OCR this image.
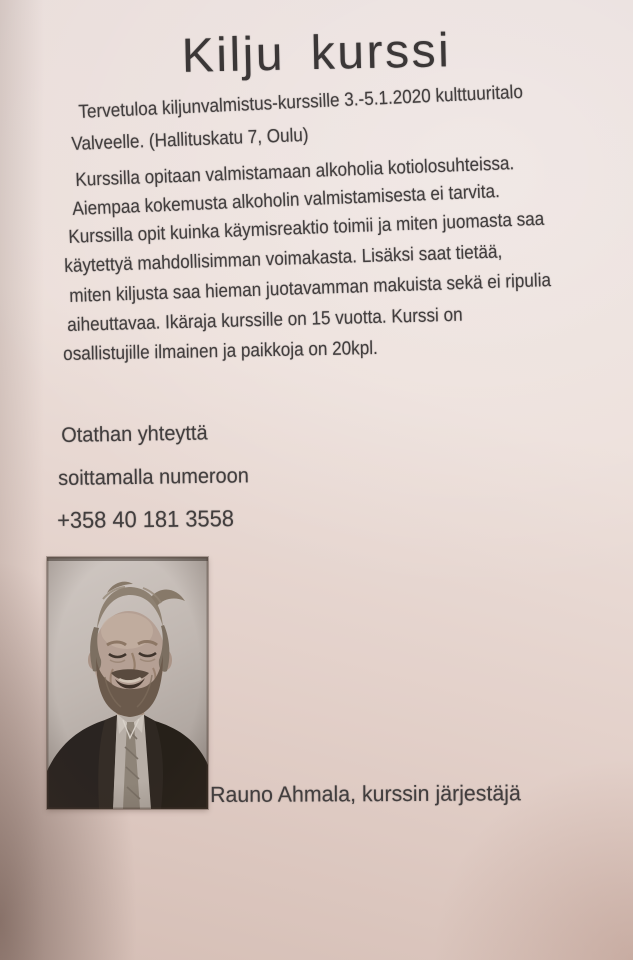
Kilju kurssi
Tervetuloa kiljunvalmistus-kurssille 3.-5.1.2020 kulttuuritalo
Valveelle. (Hallituskatu 7, Oulu)
Kurssilla opitaan valmistamaan alkoholia kotiolosuhteissa.
Aiempaa kokemusta alkoholin valmistamisesta ei tarvita.
Kurssilla opit kuinka käymisreaktio toimii ja miten juomasta saa
käytettyä mahdollisimman voimakasta. Lisäksi saat tietää,
miten kiljusta saa hieman juotavamman makuista sekä ei ripulia
aiheuttavaa. Ikäraja kurssille on 15 vuotta. Kurssi on
osallistujille ilmainen ja paikkoja on 20kpl.
Otathan yhteyttä
soittamalla numeroon
+358 40 181 3558
Rauno Ahmala, kurssin järjestäjä
